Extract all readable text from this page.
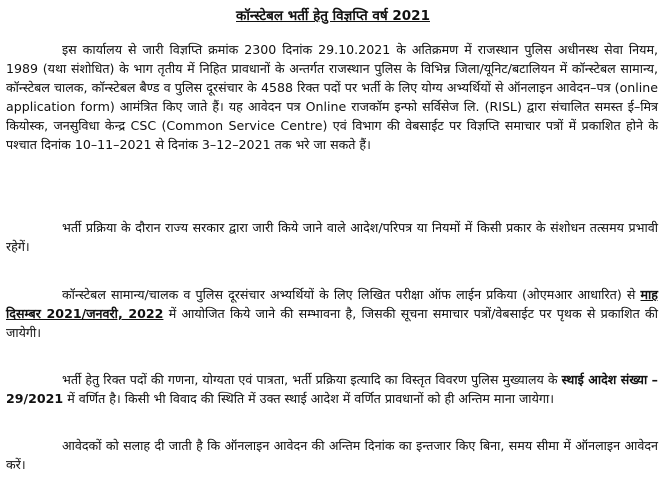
कॉन्स्टेबल भर्ती हेतु विज्ञप्ति वर्ष 2021

इस कार्यालय से जारी विज्ञप्ति क्रमांक 2300 दिनांक 29.10.2021 के अतिक्रमण में राजस्थान पुलिस अधीनस्थ सेवा नियम, 1989 (यथा संशोधित) के भाग तृतीय में निहित प्रावधानों के अन्तर्गत राजस्थान पुलिस के विभिन्न जिला/यूनिट/बटालियन में कॉन्स्टेबल सामान्य, कॉन्स्टेबल चालक, कॉन्स्टेबल बैण्ड व पुलिस दूरसंचार के 4588 रिक्त पदों पर भर्ती के लिए योग्य अभ्यर्थियों से ऑनलाइन आवेदन–पत्र (online application form) आमंत्रित किए जाते हैं। यह आवेदन पत्र Online राजकॉम इन्फो सर्विसेज लि. (RISL) द्वारा संचालित समस्त ई–मित्र कियोस्क, जनसुविधा केन्द्र CSC (Common Service Centre) एवं विभाग की वेबसाईट पर विज्ञप्ति समाचार पत्रों में प्रकाशित होने के पश्चात दिनांक 10–11–2021 से दिनांक 3–12–2021 तक भरे जा सकते हैं।

भर्ती प्रक्रिया के दौरान राज्य सरकार द्वारा जारी किये जाने वाले आदेश/परिपत्र या नियमों में किसी प्रकार के संशोधन तत्समय प्रभावी रहेगें।

कॉन्स्टेबल सामान्य/चालक व पुलिस दूरसंचार अभ्यर्थियों के लिए लिखित परीक्षा ऑफ लाईन प्रकिया (ओएमआर आधारित) से माह दिसम्बर 2021/जनवरी, 2022 में आयोजित किये जाने की सम्भावना है, जिसकी सूचना समाचार पत्रों/वेबसाईट पर पृथक से प्रकाशित की जायेगी।

भर्ती हेतु रिक्त पदों की गणना, योग्यता एवं पात्रता, भर्ती प्रक्रिया इत्यादि का विस्तृत विवरण पुलिस मुख्यालय के स्थाई आदेश संख्या – 29/2021 में वर्णित है। किसी भी विवाद की स्थिति में उक्त स्थाई आदेश में वर्णित प्रावधानों को ही अन्तिम माना जायेगा।

आवेदकों को सलाह दी जाती है कि ऑनलाइन आवेदन की अन्तिम दिनांक का इन्तजार किए बिना, समय सीमा में ऑनलाइन आवेदन करें।
